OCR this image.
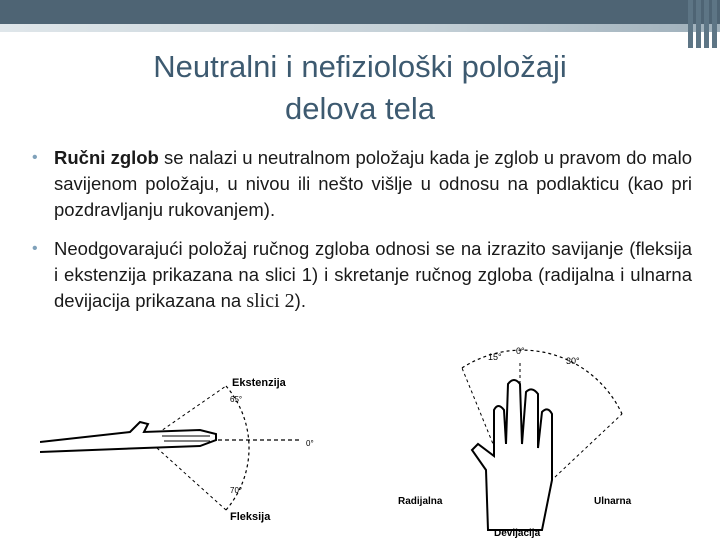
Neutralni i nefiziološki položaji
delova tela
• Ručni zglob se nalazi u neutralnom položaju kada je zglob u pravom do malo savijenom položaju, u nivou ili nešto višlje u odnosu na podlakticu (kao pri pozdravljanju rukovanjem).
• Neodgovarajući položaj ručnog zgloba odnosi se na izrazito savijanje (fleksija i ekstenzija prikazana na slici 1) i skretanje ručnog zgloba (radijalna i ulnarna devijacija prikazana na slici 2).
Ekstenzija
65°
0°
70°
Fleksija
15°
0°
30°
Radijalna	Ulnarna
Devijacija
